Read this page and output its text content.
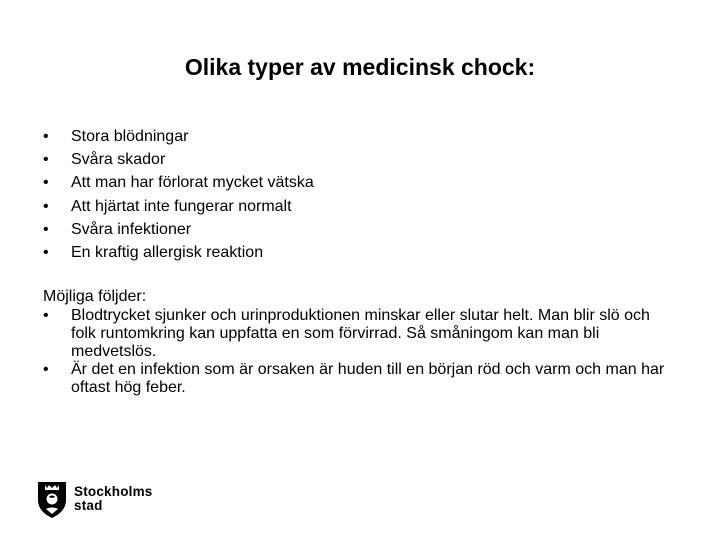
Olika typer av medicinsk chock:
• Stora blödningar
• Svåra skador
• Att man har förlorat mycket vätska
• Att hjärtat inte fungerar normalt
• Svåra infektioner
• En kraftig allergisk reaktion
Möjliga följder:
• Blodtrycket sjunker och urinproduktionen minskar eller slutar helt. Man blir slö och folk runtomkring kan uppfatta en som förvirrad. Så småningom kan man bli medvetslös.
• Är det en infektion som är orsaken är huden till en början röd och varm och man har oftast hög feber.
Stockholms
stad
